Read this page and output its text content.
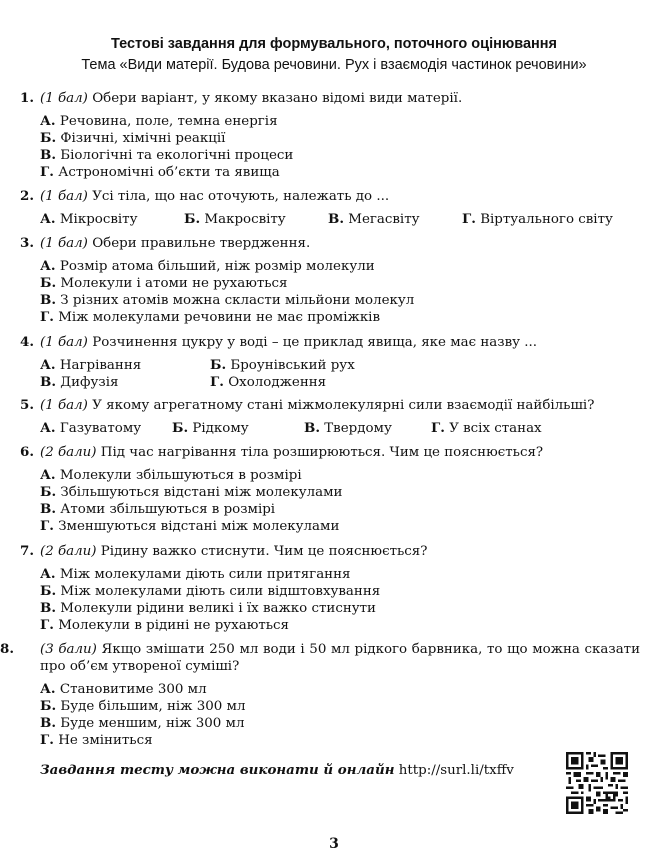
Тестові завдання для формувального, поточного оцінювання
Тема «Види матерії. Будова речовини. Рух і взаємодія частинок речовини»
1. (1 бал) Обери варіант, у якому вказано відомі види матерії.
А. Речовина, поле, темна енергія
Б. Фізичні, хімічні реакції
В. Біологічні та екологічні процеси
Г. Астрономічні об’єкти та явища
2. (1 бал) Усі тіла, що нас оточують, належать до ...
А. Мікросвіту	Б. Макросвіту	В. Мегасвіту	Г. Віртуального світу
3. (1 бал) Обери правильне твердження.
А. Розмір атома більший, ніж розмір молекули
Б. Молекули і атоми не рухаються
В. З різних атомів можна скласти мільйони молекул
Г. Між молекулами речовини не має проміжків
4. (1 бал) Розчинення цукру у воді – це приклад явища, яке має назву ...
А. Нагрівання	Б. Броунівський рух
В. Дифузія	Г. Охолодження
5. (1 бал) У якому агрегатному стані міжмолекулярні сили взаємодії найбільші?
А. Газуватому	Б. Рідкому	В. Твердому	Г. У всіх станах
6. (2 бали) Під час нагрівання тіла розширюються. Чим це пояснюється?
А. Молекули збільшуються в розмірі
Б. Збільшуються відстані між молекулами
В. Атоми збільшуються в розмірі
Г. Зменшуються відстані між молекулами
7. (2 бали) Рідину важко стиснути. Чим це пояснюється?
А. Між молекулами діють сили притягання
Б. Між молекулами діють сили відштовхування
В. Молекули рідини великі і їх важко стиснути
Г. Молекули в рідині не рухаються
8. (3 бали) Якщо змішати 250 мл води і 50 мл рідкого барвника, то що можна сказати про об’єм утвореної суміші?
А. Становитиме 300 мл
Б. Буде більшим, ніж 300 мл
В. Буде меншим, ніж 300 мл
Г. Не зміниться
Завдання тесту можна виконати й онлайн http://surl.li/txffv
3
